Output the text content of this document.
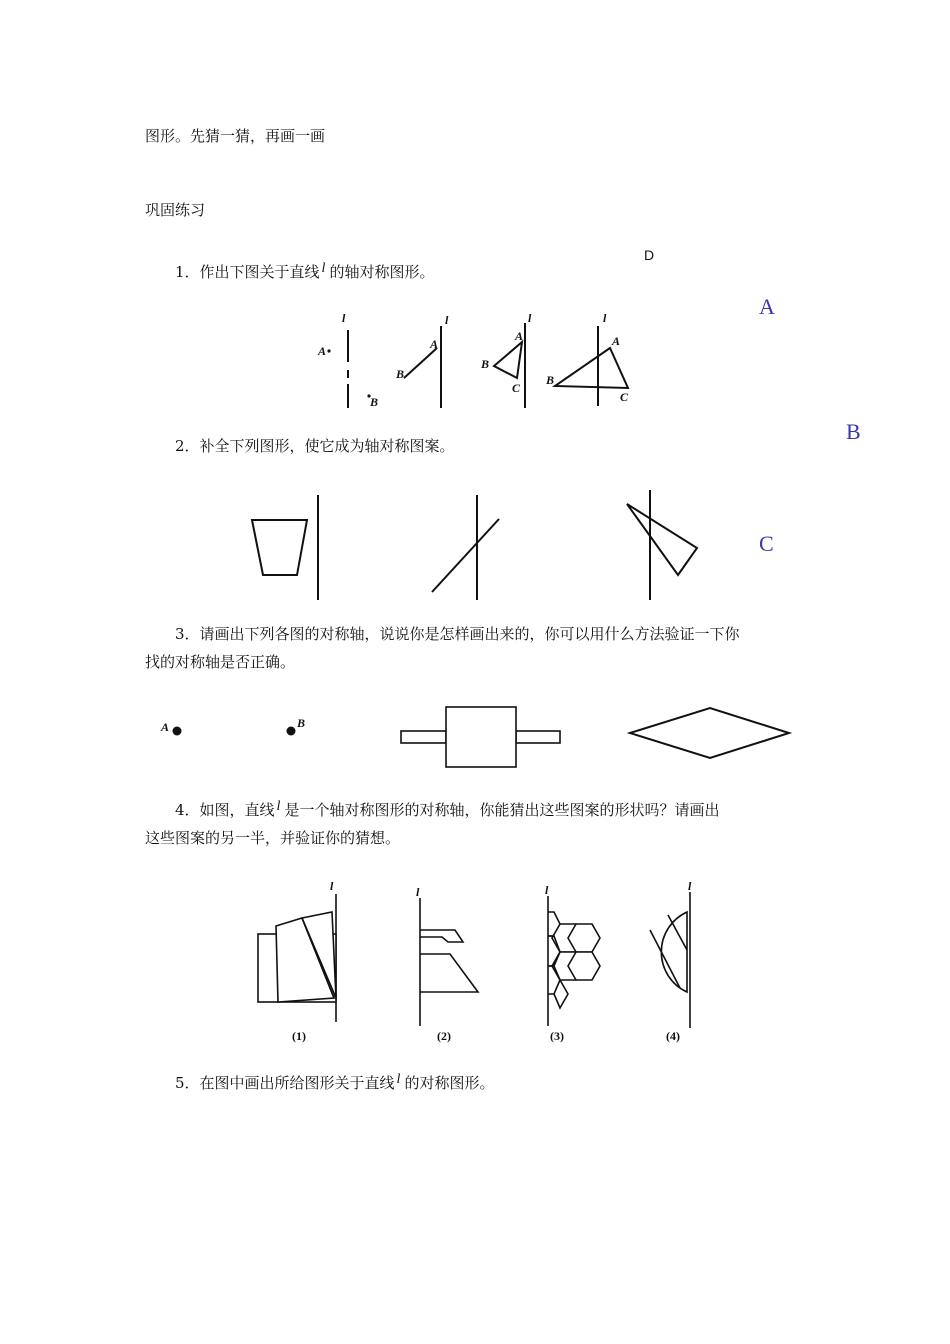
图形。先猜一猜，再画一画
巩固练习
D
A
B
C
1．作出下图关于直线 l 的轴对称图形。
2．补全下列图形，使它成为轴对称图案。
3．请画出下列各图的对称轴，说说你是怎样画出来的，你可以用什么方法验证一下你
找的对称轴是否正确。
4．如图，直线 l 是一个轴对称图形的对称轴，你能猜出这些图案的形状吗？请画出
这些图案的另一半，并验证你的猜想。
5．在图中画出所给图形关于直线 l 的对称图形。
l
A
B
l
A
B
l
A
B
C
l
A
B
C
A	B
l	l	l	l
(1)	(2)	(3)	(4)
